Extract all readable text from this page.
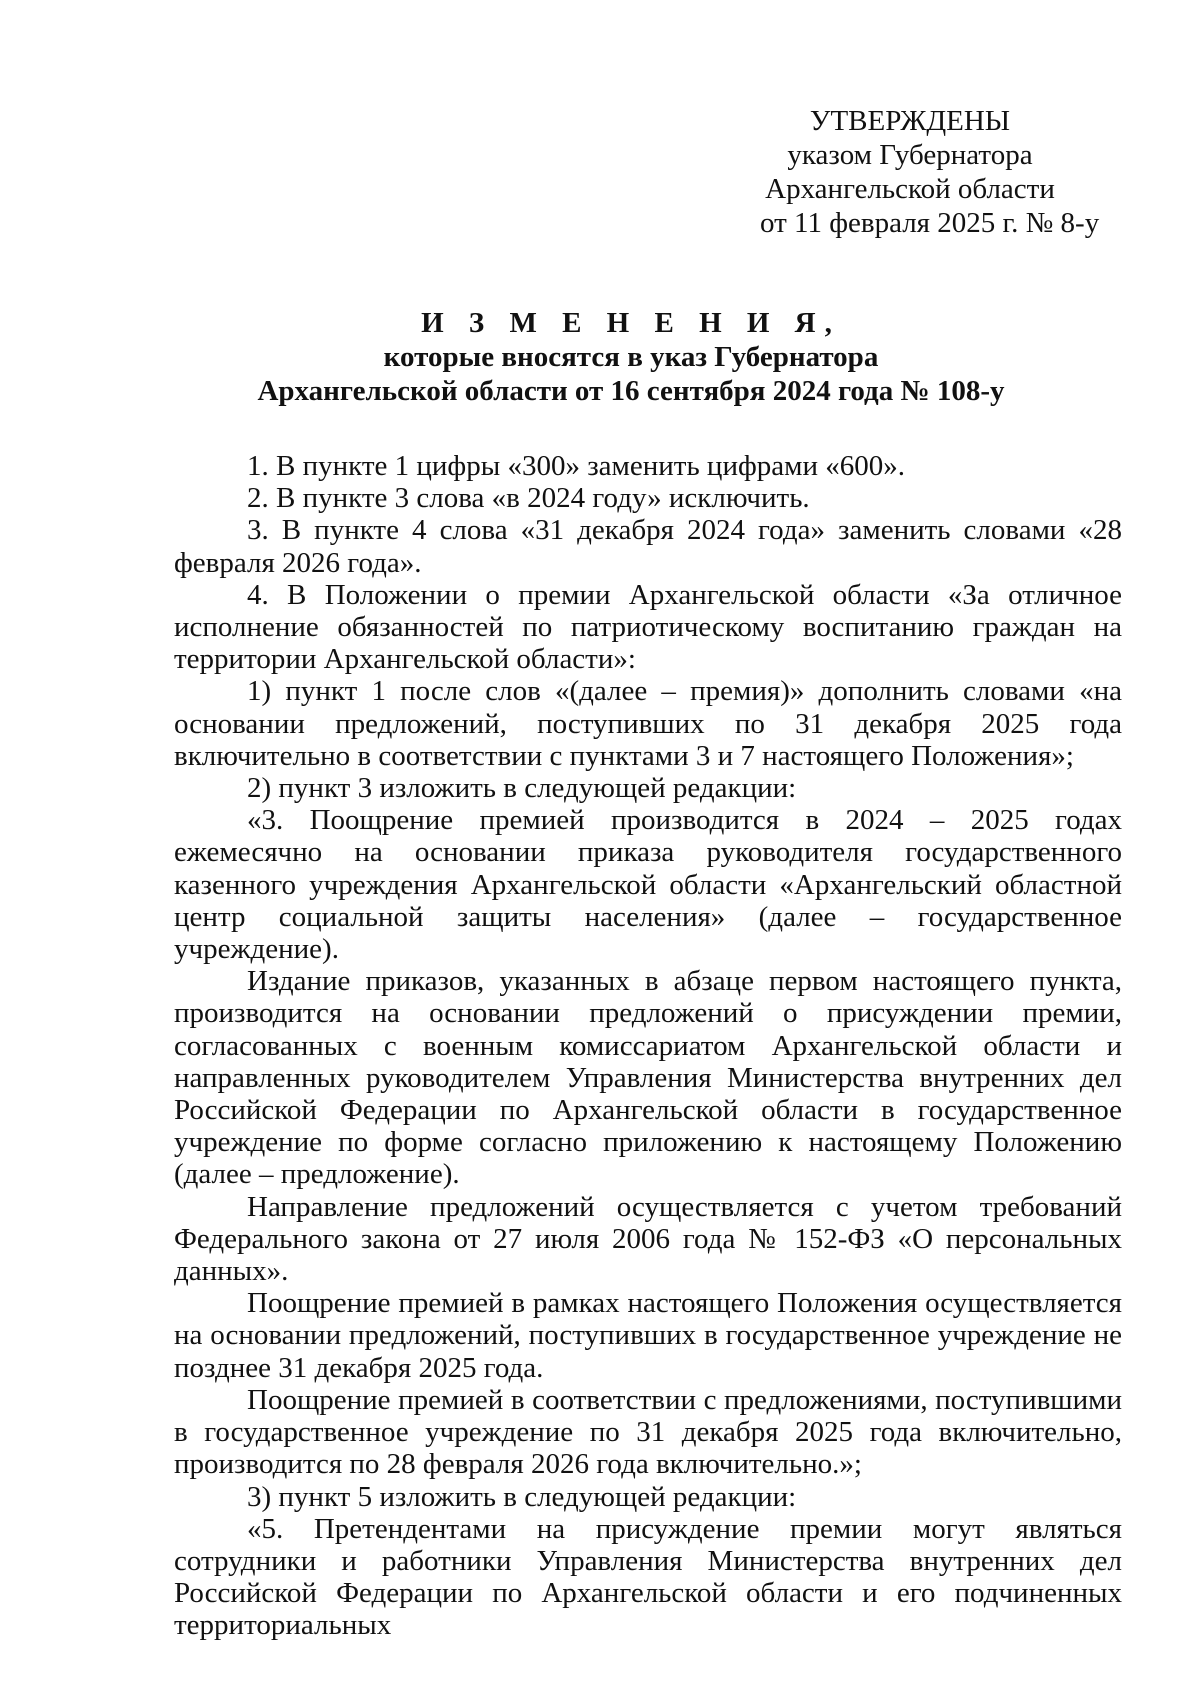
УТВЕРЖДЕНЫ
указом Губернатора
Архангельской области
от 11 февраля 2025 г. № 8-у
И З М Е Н Е Н И Я,
которые вносятся в указ Губернатора
Архангельской области от 16 сентября 2024 года № 108-у

1. В пункте 1 цифры «300» заменить цифрами «600».

2. В пункте 3 слова «в 2024 году» исключить.

3. В пункте 4 слова «31 декабря 2024 года» заменить словами «28 февраля 2026 года».

4. В Положении о премии Архангельской области «За отличное исполнение обязанностей по патриотическому воспитанию граждан на территории Архангельской области»:

1) пункт 1 после слов «(далее – премия)» дополнить словами «на основании предложений, поступивших по 31 декабря 2025 года включительно в соответствии с пунктами 3 и 7 настоящего Положения»;

2) пункт 3 изложить в следующей редакции:

«3. Поощрение премией производится в 2024 – 2025 годах ежемесячно на основании приказа руководителя государственного казенного учреждения Архангельской области «Архангельский областной центр социальной защиты населения» (далее – государственное учреждение).

Издание приказов, указанных в абзаце первом настоящего пункта, производится на основании предложений о присуждении премии, согласованных с военным комиссариатом Архангельской области и направленных руководителем Управления Министерства внутренних дел Российской Федерации по Архангельской области в государственное учреждение по форме согласно приложению к настоящему Положению (далее – предложение).

Направление предложений осуществляется с учетом требований Федерального закона от 27 июля 2006 года № 152-ФЗ «О персональных данных».

Поощрение премией в рамках настоящего Положения осуществляется на основании предложений, поступивших в государственное учреждение не позднее 31 декабря 2025 года.

Поощрение премией в соответствии с предложениями, поступившими в государственное учреждение по 31 декабря 2025 года включительно, производится по 28 февраля 2026 года включительно.»;

3) пункт 5 изложить в следующей редакции:

«5. Претендентами на присуждение премии могут являться сотрудники и работники Управления Министерства внутренних дел Российской Федерации по Архангельской области и его подчиненных территориальных
